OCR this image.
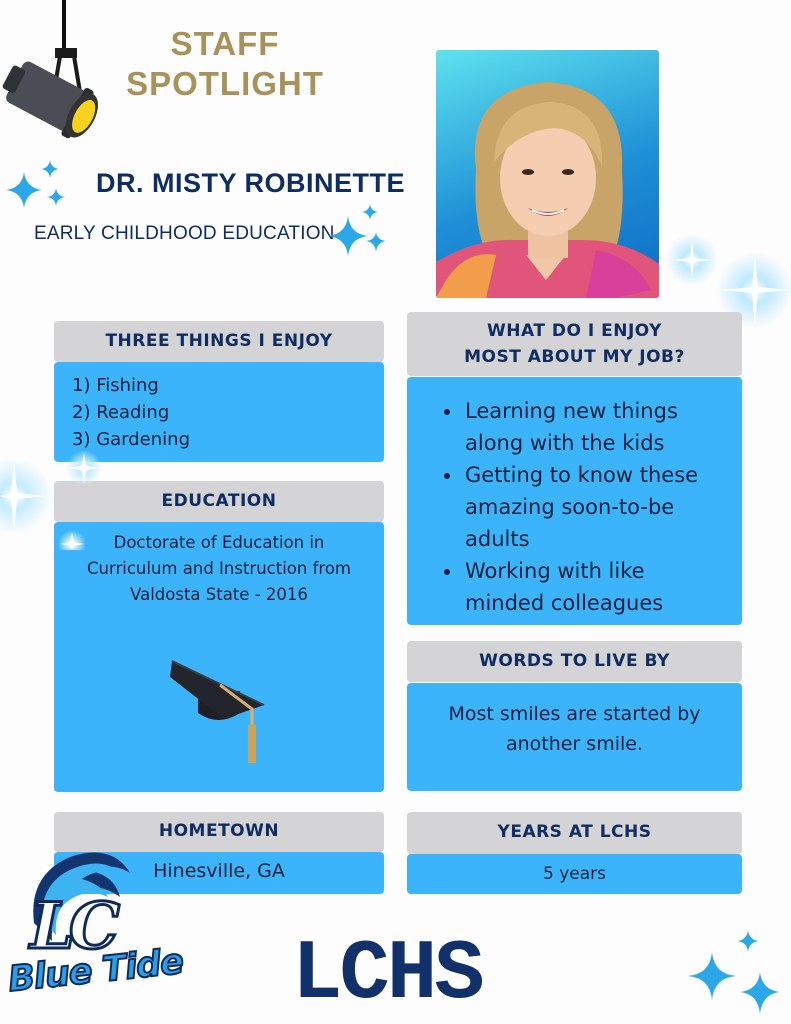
STAFF
SPOTLIGHT
DR. MISTY ROBINETTE
EARLY CHILDHOOD EDUCATION
THREE THINGS I ENJOY
1) Fishing
2) Reading
3) Gardening
WHAT DO I ENJOY
MOST ABOUT MY JOB?
• Learning new things along with the kids
• Getting to know these amazing soon-to-be adults
• Working with like minded colleagues
EDUCATION
Doctorate of Education in
Curriculum and Instruction from
Valdosta State - 2016
WORDS TO LIVE BY
Most smiles are started by
another smile.
HOMETOWN
Hinesville, GA
YEARS AT LCHS
5 years
LC
Blue Tide LCHS
